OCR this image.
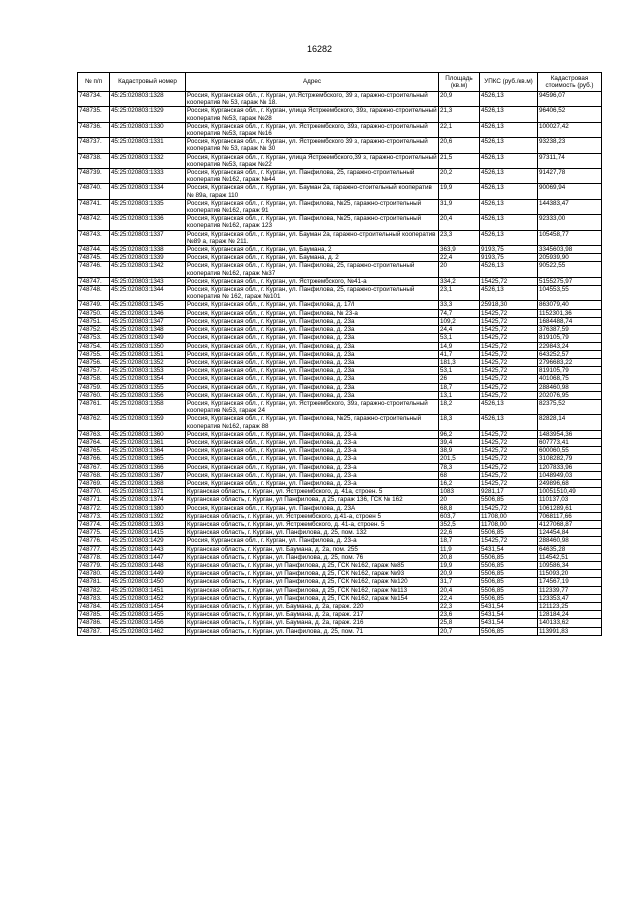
16282
№ п/п	Кадастровый номер	Адрес	Площадь (кв.м)	УПКС (руб./кв.м)	Кадастровая стоимость (руб.)
748734.	45:25:020803:1328	Россия, Курганская обл., г. Курган, ул.Ястржембского, 39 з, гаражно-строительный кооператив № 53, гараж № 18.	20,9	4526,13	94596,07
748735.	45:25:020803:1329	Россия, Курганская обл., г. Курган, улица Ястржембского, 39з, гаражно-строительный кооператив №53, гараж №28	21,3	4526,13	96406,52
748736.	45:25:020803:1330	Россия, Курганская обл., г. Курган, ул. Ястржембского, 39з, гаражно-строительный кооператив №53, гараж №16	22,1	4526,13	100027,42
748737.	45:25:020803:1331	Россия, Курганская обл., г. Курган, ул. Ястржембского 39 з, гаражно-строительный кооператив № 53, гараж № 30	20,6	4526,13	93238,23
748738.	45:25:020803:1332	Россия, Курганская обл., г. Курган, улица Ястржембского,39 з, гаражно-строительный кооператив №53, гараж №22	21,5	4526,13	97311,74
748739.	45:25:020803:1333	Россия, Курганская обл., г. Курган, ул. Панфилова, 25, гаражно-строительный кооператив №162, гараж №44	20,2	4526,13	91427,78
748740.	45:25:020803:1334	Россия, Курганская обл., г. Курган, ул. Бауман 2а, гаражно-стоительный кооператив № 89а, гараж 110	19,9	4526,13	90069,94
748741.	45:25:020803:1335	Россия, Курганская обл., г. Курган, ул. Панфилова, №25, гаражно-строительный кооператив №162, гараж 91	31,9	4526,13	144383,47
748742.	45:25:020803:1336	Россия, Курганская обл., г. Курган, ул. Панфилова, №25, гаражно-строительный кооператив №162, гараж 123	20,4	4526,13	92333,00
748743.	45:25:020803:1337	Россия, Курганская обл., г. Курган, ул. Бауман 2а, гаражно-строительный кооператив №89 а, гараж № 211.	23,3	4526,13	105458,77
748744.	45:25:020803:1338	Россия, Курганская обл., г. Курган, ул. Баумана, 2	363,9	9193,75	3345603,98
748745.	45:25:020803:1339	Россия, Курганская обл., г. Курган, ул. Баумана, д. 2	22,4	9193,75	205939,90
748746.	45:25:020803:1342	Россия, Курганская обл., г. Курган, ул. Панфилова, 25, гаражно-строительный кооператив №162, гараж №37	20	4526,13	90522,55
748747.	45:25:020803:1343	Россия, Курганская обл., г. Курган, ул. Ястржембского, №41-а	334,2	15425,72	5155275,97
748748.	45:25:020803:1344	Россия, Курганская обл., г. Курган, ул. Панфилова, 25, гаражно-строительный кооператив № 162, гараж №101	23,1	4526,13	104553,55
748749.	45:25:020803:1345	Россия, Курганская обл., г. Курган, ул. Панфилова, д. 17/I	33,3	25918,30	863079,40
748750.	45:25:020803:1346	Россия, Курганская обл., г. Курган, ул. Панфилова, № 23-а	74,7	15425,72	1152301,36
748751.	45:25:020803:1347	Россия, Курганская обл., г. Курган, ул. Панфилова, д. 23а	109,2	15425,72	1684488,74
748752.	45:25:020803:1348	Россия, Курганская обл., г. Курган, ул. Панфилова, д. 23а	24,4	15425,72	376387,59
748753.	45:25:020803:1349	Россия, Курганская обл., г. Курган, ул. Панфилова, д. 23а	53,1	15425,72	819105,79
748754.	45:25:020803:1350	Россия, Курганская обл., г. Курган, ул. Панфилова, д. 23а	14,9	15425,72	229843,24
748755.	45:25:020803:1351	Россия, Курганская обл., г. Курган, ул. Панфилова, д. 23а	41,7	15425,72	643252,57
748756.	45:25:020803:1352	Россия, Курганская обл., г. Курган, ул. Панфилова, д. 23а	181,3	15425,72	2796683,22
748757.	45:25:020803:1353	Россия, Курганская обл., г. Курган, ул. Панфилова, д. 23а	53,1	15425,72	819105,79
748758.	45:25:020803:1354	Россия, Курганская обл., г. Курган, ул. Панфилова, д. 23а	26	15425,72	401068,75
748759.	45:25:020803:1355	Россия, Курганская обл., г. Курган, ул. Панфилова, д. 23а	18,7	15425,72	288460,98
748760.	45:25:020803:1356	Россия, Курганская обл., г. Курган, ул. Панфилова, д. 23а	13,1	15425,72	202076,95
748761.	45:25:020803:1358	Россия, Курганская обл., г. Курган, ул. Ястржембского, 39з, гаражно-строительный кооператив №53, гараж 24	18,2	4526,13	82375,52
748762.	45:25:020803:1359	Россия, Курганская обл., г. Курган, ул. Панфилова, №25, гаражно-строительный кооператив №162, гараж 88	18,3	4526,13	82828,14
748763.	45:25:020803:1360	Россия, Курганская обл., г. Курган, ул. Панфилова, д. 23-а	96,2	15425,72	1483954,36
748764.	45:25:020803:1361	Россия, Курганская обл., г. Курган, ул. Панфилова, д. 23-а	39,4	15425,72	607773,41
748765.	45:25:020803:1364	Россия, Курганская обл., г. Курган, ул. Панфилова, д. 23-а	38,9	15425,72	600060,55
748766.	45:25:020803:1365	Россия, Курганская обл., г. Курган, ул. Панфилова, д. 23-а	201,5	15425,72	3108282,79
748767.	45:25:020803:1366	Россия, Курганская обл., г. Курган, ул. Панфилова, д. 23-а	78,3	15425,72	1207833,96
748768.	45:25:020803:1367	Россия, Курганская обл., г. Курган, ул. Панфилова, д. 23-а	68	15425,72	1048949,03
748769.	45:25:020803:1368	Россия, Курганская обл., г. Курган, ул. Панфилова, д. 23-а	16,2	15425,72	249896,68
748770.	45:25:020803:1371	Курганская область, г. Курган, ул. Ястржембского, д. 41а, строен. 5	1083	9281,17	10051510,49
748771.	45:25:020803:1374	Курганская область, г. Курган, ул Панфилова, д 25, гараж 136, ГСК № 162	20	5506,85	110137,03
748772.	45:25:020803:1380	Россия, Курганская обл., г. Курган, ул. Панфилова, д. 23А	68,8	15425,72	1061289,61
748773.	45:25:020803:1392	Курганская область, г. Курган, ул. Ястржембского, д.41-а, строен 5	603,7	11708,00	7068117,66
748774.	45:25:020803:1393	Курганская область, г. Курган, ул. Ястржембского, д. 41-а, строен. 5	352,5	11708,00	4127068,87
748775.	45:25:020803:1415	Курганская область, г. Курган, ул. Панфилова, д. 25, пом. 132	22,6	5506,85	124454,84
748776.	45:25:020803:1429	Россия, Курганская обл., г. Курган, ул. Панфилова, д. 23-а	18,7	15425,72	288460,98
748777.	45:25:020803:1443	Курганская область, г. Курган, ул. Баумана, д. 2а, пом. 255	11,9	5431,54	64635,28
748778.	45:25:020803:1447	Курганская область, г. Курган, ул. Панфилова, д. 25, пом. 76	20,8	5506,85	114542,51
748779.	45:25:020803:1448	Курганская область, г. Курган, ул Панфилова, д 25, ГСК №162, гараж №85	19,9	5506,85	109586,34
748780.	45:25:020803:1449	Курганская область, г. Курган, ул Панфилова, д 25, ГСК №162, гараж №93	20,9	5506,85	115093,20
748781.	45:25:020803:1450	Курганская область, г. Курган, ул Панфилова, д 25, ГСК №162, гараж №120	31,7	5506,85	174567,19
748782.	45:25:020803:1451	Курганская область, г. Курган, ул Панфилова, д 25, ГСК №162, гараж №113	20,4	5506,85	112339,77
748783.	45:25:020803:1452	Курганская область, г. Курган, ул Панфилова, д 25, ГСК №162, гараж №154	22,4	5506,85	123353,47
748784.	45:25:020803:1454	Курганская область, г. Курган, ул. Баумана, д. 2а, гараж. 220	22,3	5431,54	121123,25
748785.	45:25:020803:1455	Курганская область, г. Курган, ул. Баумана, д. 2а, гараж. 217	23,6	5431,54	128184,24
748786.	45:25:020803:1456	Курганская область, г. Курган, ул. Баумана, д. 2а, гараж. 216	25,8	5431,54	140133,62
748787.	45:25:020803:1462	Курганская область, г. Курган, ул. Панфилова, д. 25, пом. 71	20,7	5506,85	113991,83
